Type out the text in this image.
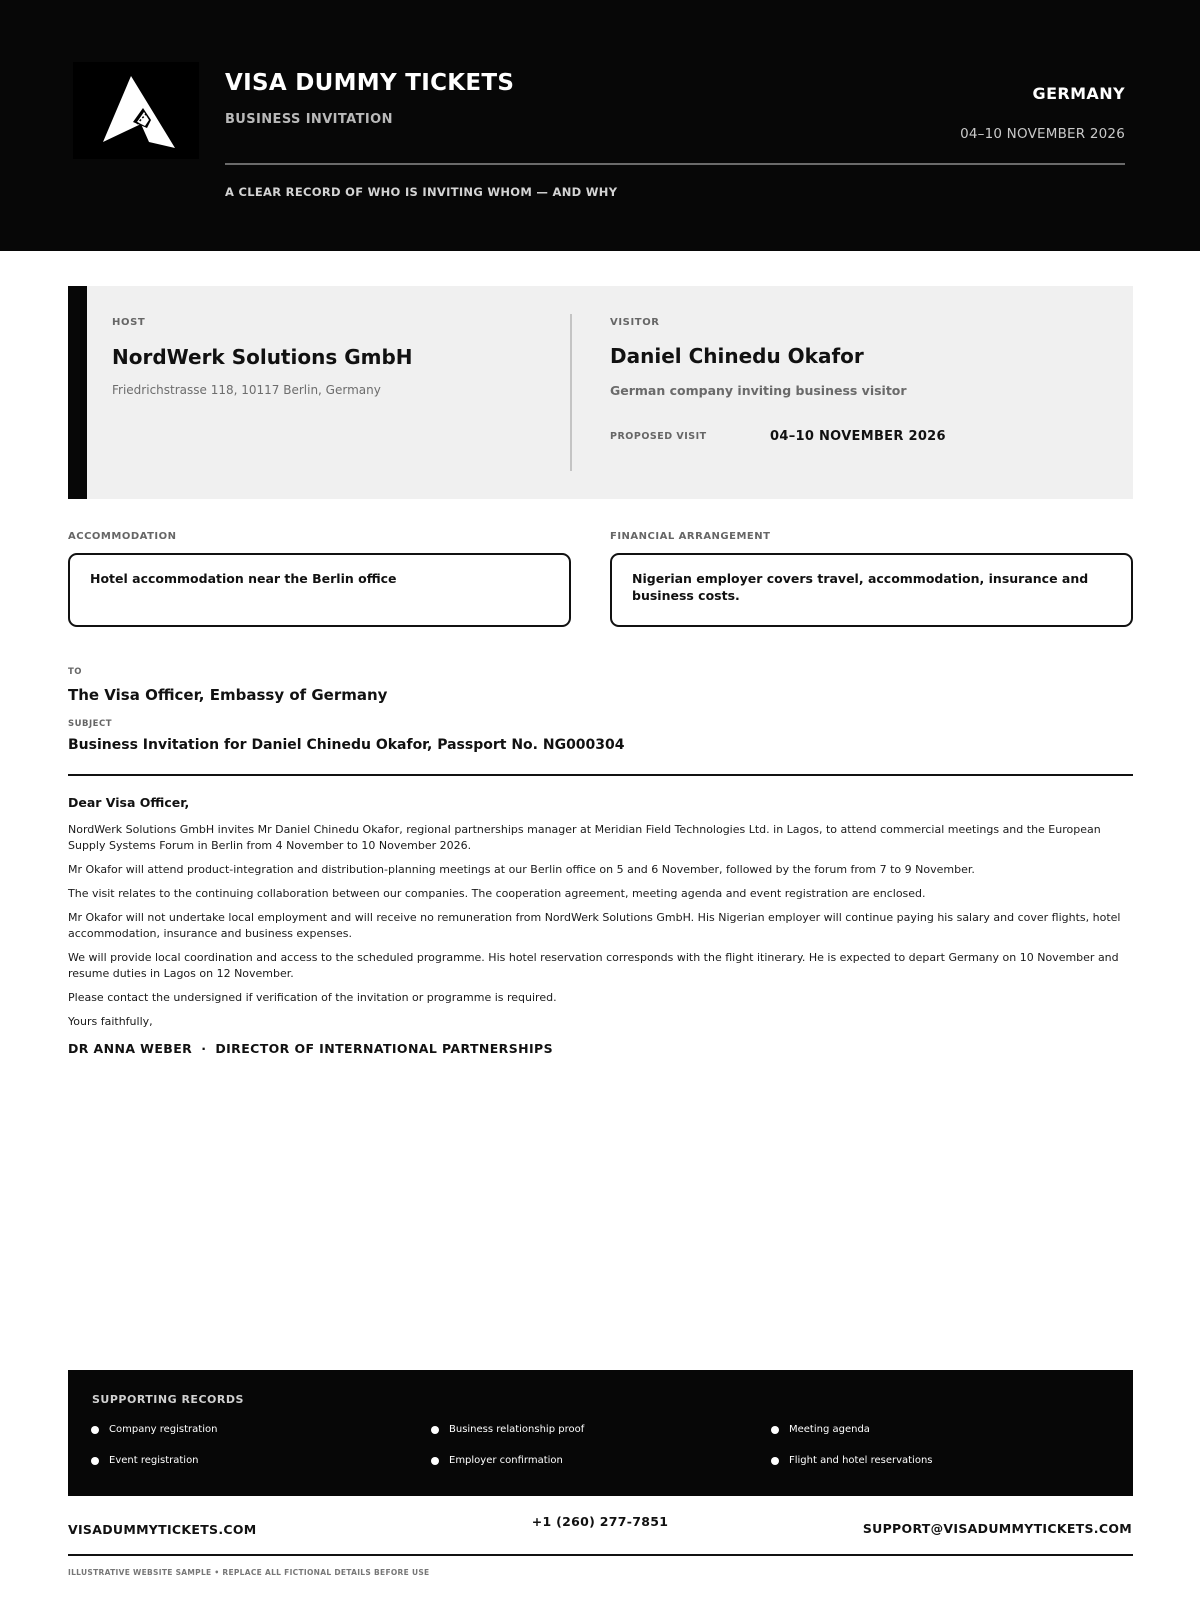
VISA DUMMY TICKETS
BUSINESS INVITATION
GERMANY
04–10 NOVEMBER 2026
A CLEAR RECORD OF WHO IS INVITING WHOM — AND WHY
HOST
NordWerk Solutions GmbH
Friedrichstrasse 118, 10117 Berlin, Germany
VISITOR
Daniel Chinedu Okafor
German company inviting business visitor
PROPOSED VISIT	04–10 NOVEMBER 2026
ACCOMMODATION
Hotel accommodation near the Berlin office
FINANCIAL ARRANGEMENT
Nigerian employer covers travel, accommodation, insurance and business costs.
TO
The Visa Officer, Embassy of Germany
SUBJECT
Business Invitation for Daniel Chinedu Okafor, Passport No. NG000304
Dear Visa Officer,

NordWerk Solutions GmbH invites Mr Daniel Chinedu Okafor, regional partnerships manager at Meridian Field Technologies Ltd. in Lagos, to attend commercial meetings and the European Supply Systems Forum in Berlin from 4 November to 10 November 2026.

Mr Okafor will attend product-integration and distribution-planning meetings at our Berlin office on 5 and 6 November, followed by the forum from 7 to 9 November.

The visit relates to the continuing collaboration between our companies. The cooperation agreement, meeting agenda and event registration are enclosed.

Mr Okafor will not undertake local employment and will receive no remuneration from NordWerk Solutions GmbH. His Nigerian employer will continue paying his salary and cover flights, hotel accommodation, insurance and business expenses.

We will provide local coordination and access to the scheduled programme. His hotel reservation corresponds with the flight itinerary. He is expected to depart Germany on 10 November and resume duties in Lagos on 12 November.

Please contact the undersigned if verification of the invitation or programme is required.

Yours faithfully,

DR ANNA WEBER · DIRECTOR OF INTERNATIONAL PARTNERSHIPS
SUPPORTING RECORDS
Company registration	Business relationship proof	Meeting agenda
Event registration	Employer confirmation	Flight and hotel reservations
VISADUMMYTICKETS.COM
+1 (260) 277-7851	SUPPORT@VISADUMMYTICKETS.COM
ILLUSTRATIVE WEBSITE SAMPLE • REPLACE ALL FICTIONAL DETAILS BEFORE USE
